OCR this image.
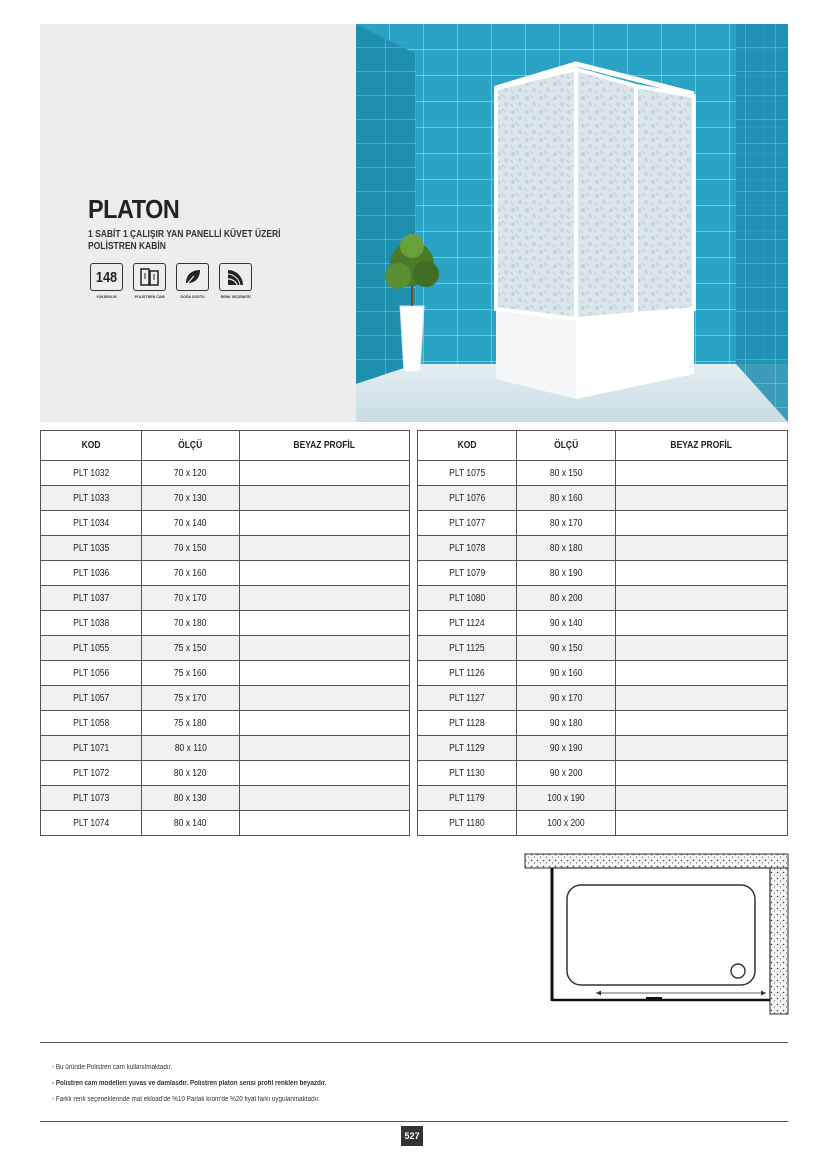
PLATON
1 SABİT 1 ÇALIŞIR YAN PANELLİ KÜVET ÜZERİ
POLİSTREN KABİN
148
YÜKSEKLİK	POLİSTREN CAM	DOĞA DOSTU	RENK SEÇENEĞİ
KOD	ÖLÇÜ	BEYAZ PROFİL
PLT 1032	70 x 120	
PLT 1033	70 x 130	
PLT 1034	70 x 140	
PLT 1035	70 x 150	
PLT 1036	70 x 160	
PLT 1037	70 x 170	
PLT 1038	70 x 180	
PLT 1055	75 x 150	
PLT 1056	75 x 160	
PLT 1057	75 x 170	
PLT 1058	75 x 180	
PLT 1071	80 x 110	
PLT 1072	80 x 120	
PLT 1073	80 x 130	
PLT 1074	80 x 140	
KOD	ÖLÇÜ	BEYAZ PROFİL
PLT 1075	80 x 150	
PLT 1076	80 x 160	
PLT 1077	80 x 170	
PLT 1078	80 x 180	
PLT 1079	80 x 190	
PLT 1080	80 x 200	
PLT 1124	90 x 140	
PLT 1125	90 x 150	
PLT 1126	90 x 160	
PLT 1127	90 x 170	
PLT 1128	90 x 180	
PLT 1129	90 x 190	
PLT 1130	90 x 200	
PLT 1179	100 x 190	
PLT 1180	100 x 200	
- Bu üründe Polistren cam kullanılmaktadır.
- Polistren cam modelleri yuvas ve damlasdır. Polistren platon serisi profil renkleri beyazdır.
- Farklı renk seçeneklerinde mat ekload'de %10 Parlak krom'de %20 fiyat farkı uygulanmaktadır.
527
